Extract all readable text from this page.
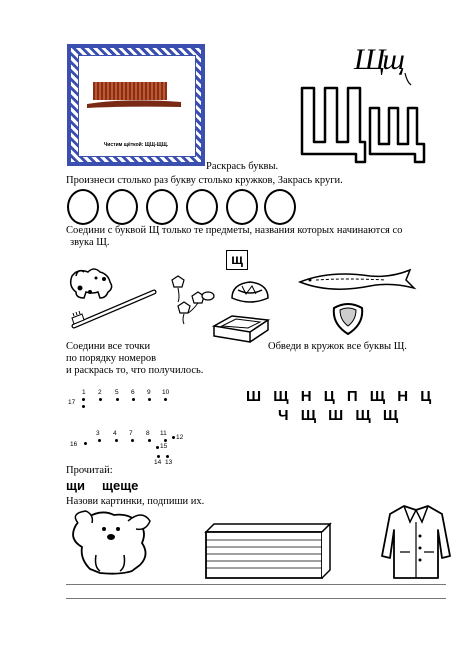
Чистим щёткой: ЩЩ-ЩЩ.
Щщ
Раскрась буквы.
Произнеси столько раз букву столько кружков, Закрась круги.
Соедини с буквой Щ только те предметы, названия которых начинаются со
звука Щ.
щ
Соедини все точки
по порядку номеров
и раскрась то, что получилось.
Обведи в кружок все буквы Щ.
1 2 5 6 9 10
17
3 4 7 8 11
12
15
16
14 13
Ш Щ Н Ц П Щ Н Ц
Ч Щ Ш Щ Щ
Прочитай:
щи щеще
Назови картинки, подпиши их.
